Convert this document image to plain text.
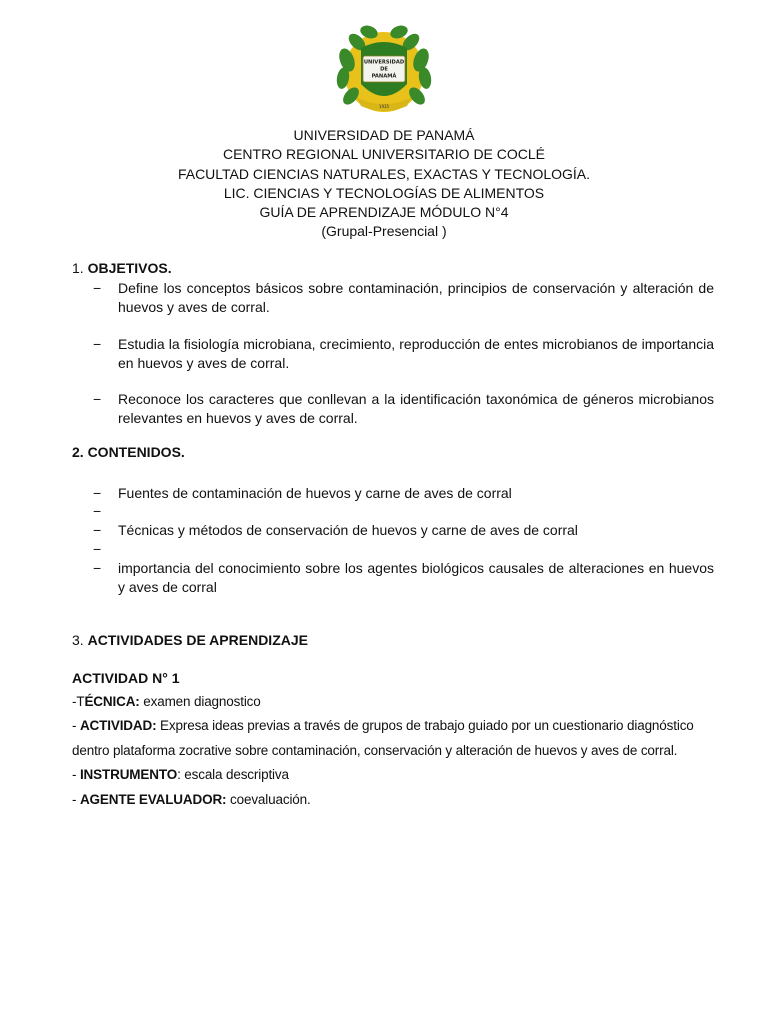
UNIVERSIDAD
DE
PANAMÁ
1935
UNIVERSIDAD DE PANAMÁ
CENTRO REGIONAL UNIVERSITARIO DE COCLÉ
FACULTAD CIENCIAS NATURALES, EXACTAS Y TECNOLOGÍA.
LIC. CIENCIAS Y TECNOLOGÍAS DE ALIMENTOS
GUÍA DE APRENDIZAJE MÓDULO N°4
(Grupal-Presencial )
1. OBJETIVOS.
− Define los conceptos básicos sobre contaminación, principios de conservación y alteración de huevos y aves de corral.
− Estudia la fisiología microbiana, crecimiento, reproducción de entes microbianos de importancia en huevos y aves de corral.
− Reconoce los caracteres que conllevan a la identificación taxonómica de géneros microbianos relevantes en huevos y aves de corral.
2. CONTENIDOS.
− Fuentes de contaminación de huevos y carne de aves de corral
−
− Técnicas y métodos de conservación de huevos y carne de aves de corral
−
− importancia del conocimiento sobre los agentes biológicos causales de alteraciones en huevos y aves de corral
3. ACTIVIDADES DE APRENDIZAJE
ACTIVIDAD N° 1
-TÉCNICA: examen diagnostico
- ACTIVIDAD: Expresa ideas previas a través de grupos de trabajo guiado por un cuestionario diagnóstico
dentro plataforma zocrative sobre contaminación, conservación y alteración de huevos y aves de corral.
- INSTRUMENTO: escala descriptiva
- AGENTE EVALUADOR: coevaluación.
